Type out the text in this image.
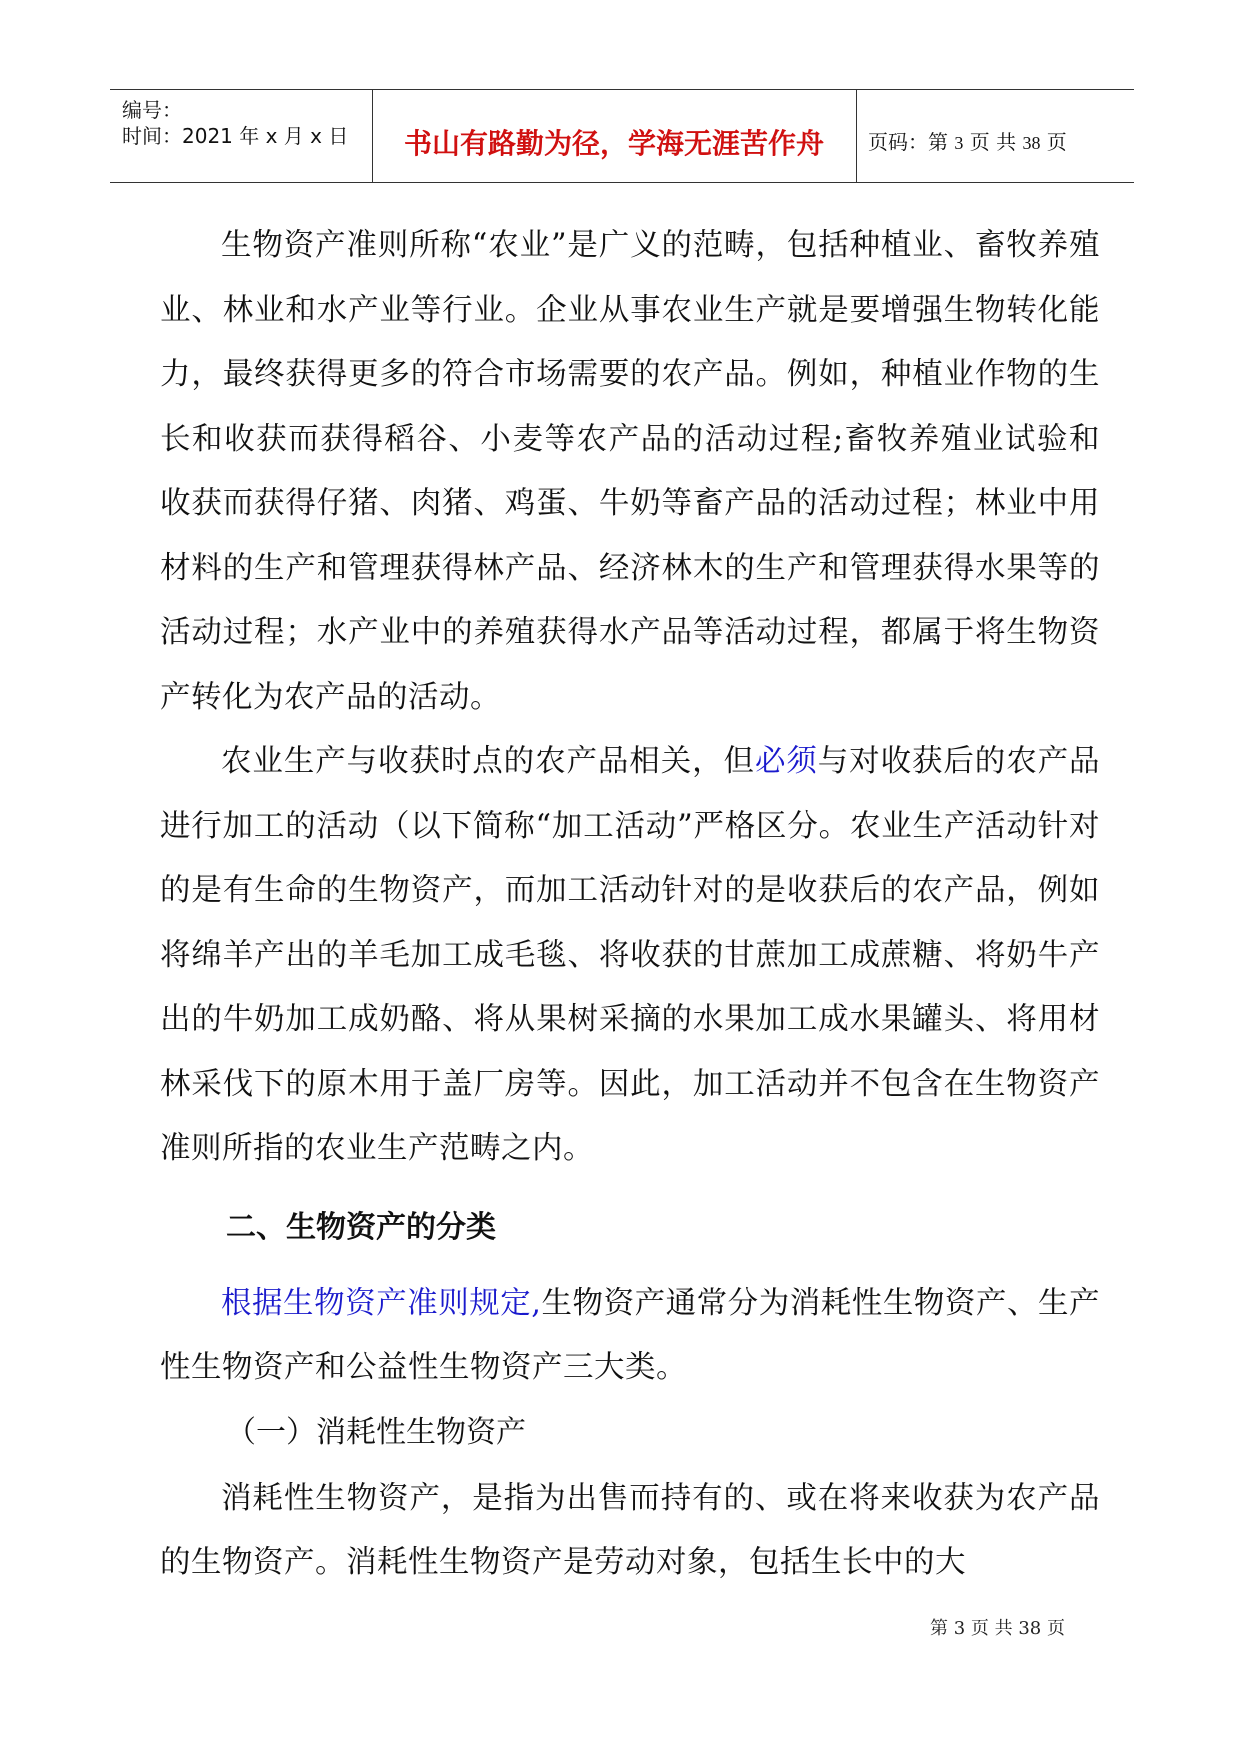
编号：
时间：2021 年 x 月 x 日	书山有路勤为径，学海无涯苦作舟	页码：第 3 页 共 38 页

生物资产准则所称“农业”是广义的范畴，包括种植业、畜牧养殖业、林业和水产业等行业。企业从事农业生产就是要增强生物转化能力，最终获得更多的符合市场需要的农产品。例如，种植业作物的生长和收获而获得稻谷、小麦等农产品的活动过程;畜牧养殖业试验和收获而获得仔猪、肉猪、鸡蛋、牛奶等畜产品的活动过程；林业中用材料的生产和管理获得林产品、经济林木的生产和管理获得水果等的活动过程；水产业中的养殖获得水产品等活动过程，都属于将生物资产转化为农产品的活动。

农业生产与收获时点的农产品相关，但必须与对收获后的农产品进行加工的活动（以下简称“加工活动”严格区分。农业生产活动针对的是有生命的生物资产，而加工活动针对的是收获后的农产品，例如将绵羊产出的羊毛加工成毛毯、将收获的甘蔗加工成蔗糖、将奶牛产出的牛奶加工成奶酪、将从果树采摘的水果加工成水果罐头、将用材林采伐下的原木用于盖厂房等。因此，加工活动并不包含在生物资产准则所指的农业生产范畴之内。

二、生物资产的分类

根据生物资产准则规定,生物资产通常分为消耗性生物资产、生产性生物资产和公益性生物资产三大类。

（一）消耗性生物资产

消耗性生物资产，是指为出售而持有的、或在将来收获为农产品的生物资产。消耗性生物资产是劳动对象，包括生长中的大

第 3 页 共 38 页
